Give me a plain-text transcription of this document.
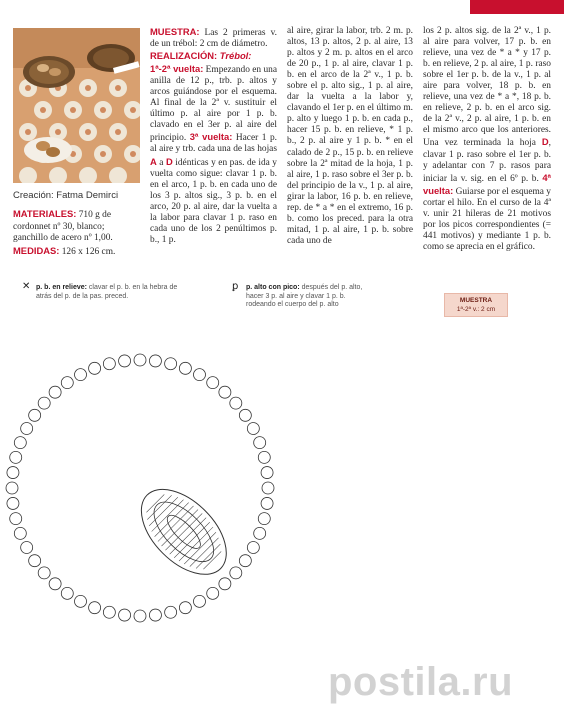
Creación: Fatma Demirci
MATERIALES: 710 g de cordonnet nº 30, blanco; ganchillo de acero nº 1,00.
MEDIDAS: 126 x 126 cm.

MUESTRA: Las 2 primeras v. de un trébol: 2 cm de diámetro.
REALIZACIÓN: Trébol:
1ª-2ª vuelta: Empezando en una anilla de 12 p., trb. p. altos y arcos guiándose por el esquema. Al final de la 2ª v. sustituir el último p. al aire por 1 p. b. clavado en el 3er p. al aire del principio. 3ª vuelta: Hacer 1 p. al aire y trb. cada una de las hojas A a D idénticas y en pas. de ida y vuelta como sigue: clavar 1 p. b. en el arco, 1 p. b. en cada uno de los 3 p. altos sig., 3 p. b. en el arco, 20 p. al aire, dar la vuelta a la labor para clavar 1 p. raso en cada uno de los 2 penúltimos p. b., 1 p.

al aire, girar la labor, trb. 2 m. p. altos, 13 p. altos, 2 p. al aire, 13 p. altos y 2 m. p. altos en el arco de 20 p., 1 p. al aire, clavar 1 p. b. en el arco de la 2ª v., 1 p. b. sobre el p. alto sig., 1 p. al aire, dar la vuelta a la labor y, clavando el 1er p. en el último m. p. alto y luego 1 p. b. en cada p., hacer 15 p. b. en relieve, * 1 p. b., 2 p. al aire y 1 p. b. * en el calado de 2 p., 15 p. b. en relieve sobre la 2ª mitad de la hoja, 1 p. al aire, 1 p. raso sobre el 3er p. b. del principio de la v., 1 p. al aire, girar la labor, 16 p. b. en relieve, rep. de * a * en el extremo, 16 p. b. como los preced. para la otra mitad, 1 p. al aire, 1 p. b. sobre cada uno de

los 2 p. altos sig. de la 2ª v., 1 p. al aire para volver, 17 p. b. en relieve, una vez de * a * y 17 p. b. en relieve, 2 p. al aire, 1 p. raso sobre el 1er p. b. de la v., 1 p. al aire para volver, 18 p. b. en relieve, una vez de * a *, 18 p. b. en relieve, 2 p. b. en el arco sig. de la 2ª v., 2 p. al aire, 1 p. b. en el mismo arco que los anteriores. Una vez terminada la hoja D, clavar 1 p. raso sobre el 1er p. b. y adelantar con 7 p. rasos para iniciar la v. sig. en el 6º p. b. 4ª vuelta: Guiarse por el esquema y cortar el hilo. En el curso de la 4ª v. unir 21 hileras de 21 motivos por los picos correspondientes (= 441 motivos) y mediante 1 p. b. como se aprecia en el gráfico.

✕ p. b. en relieve: clavar el p. b. en la hebra de atrás del p. de la pas. preced.
ꝑ p. alto con pico: después del p. alto, hacer 3 p. al aire y clavar 1 p. b. rodeando el cuerpo del p. alto
MUESTRA
1ª-2ª v.: 2 cm
postila.ru
